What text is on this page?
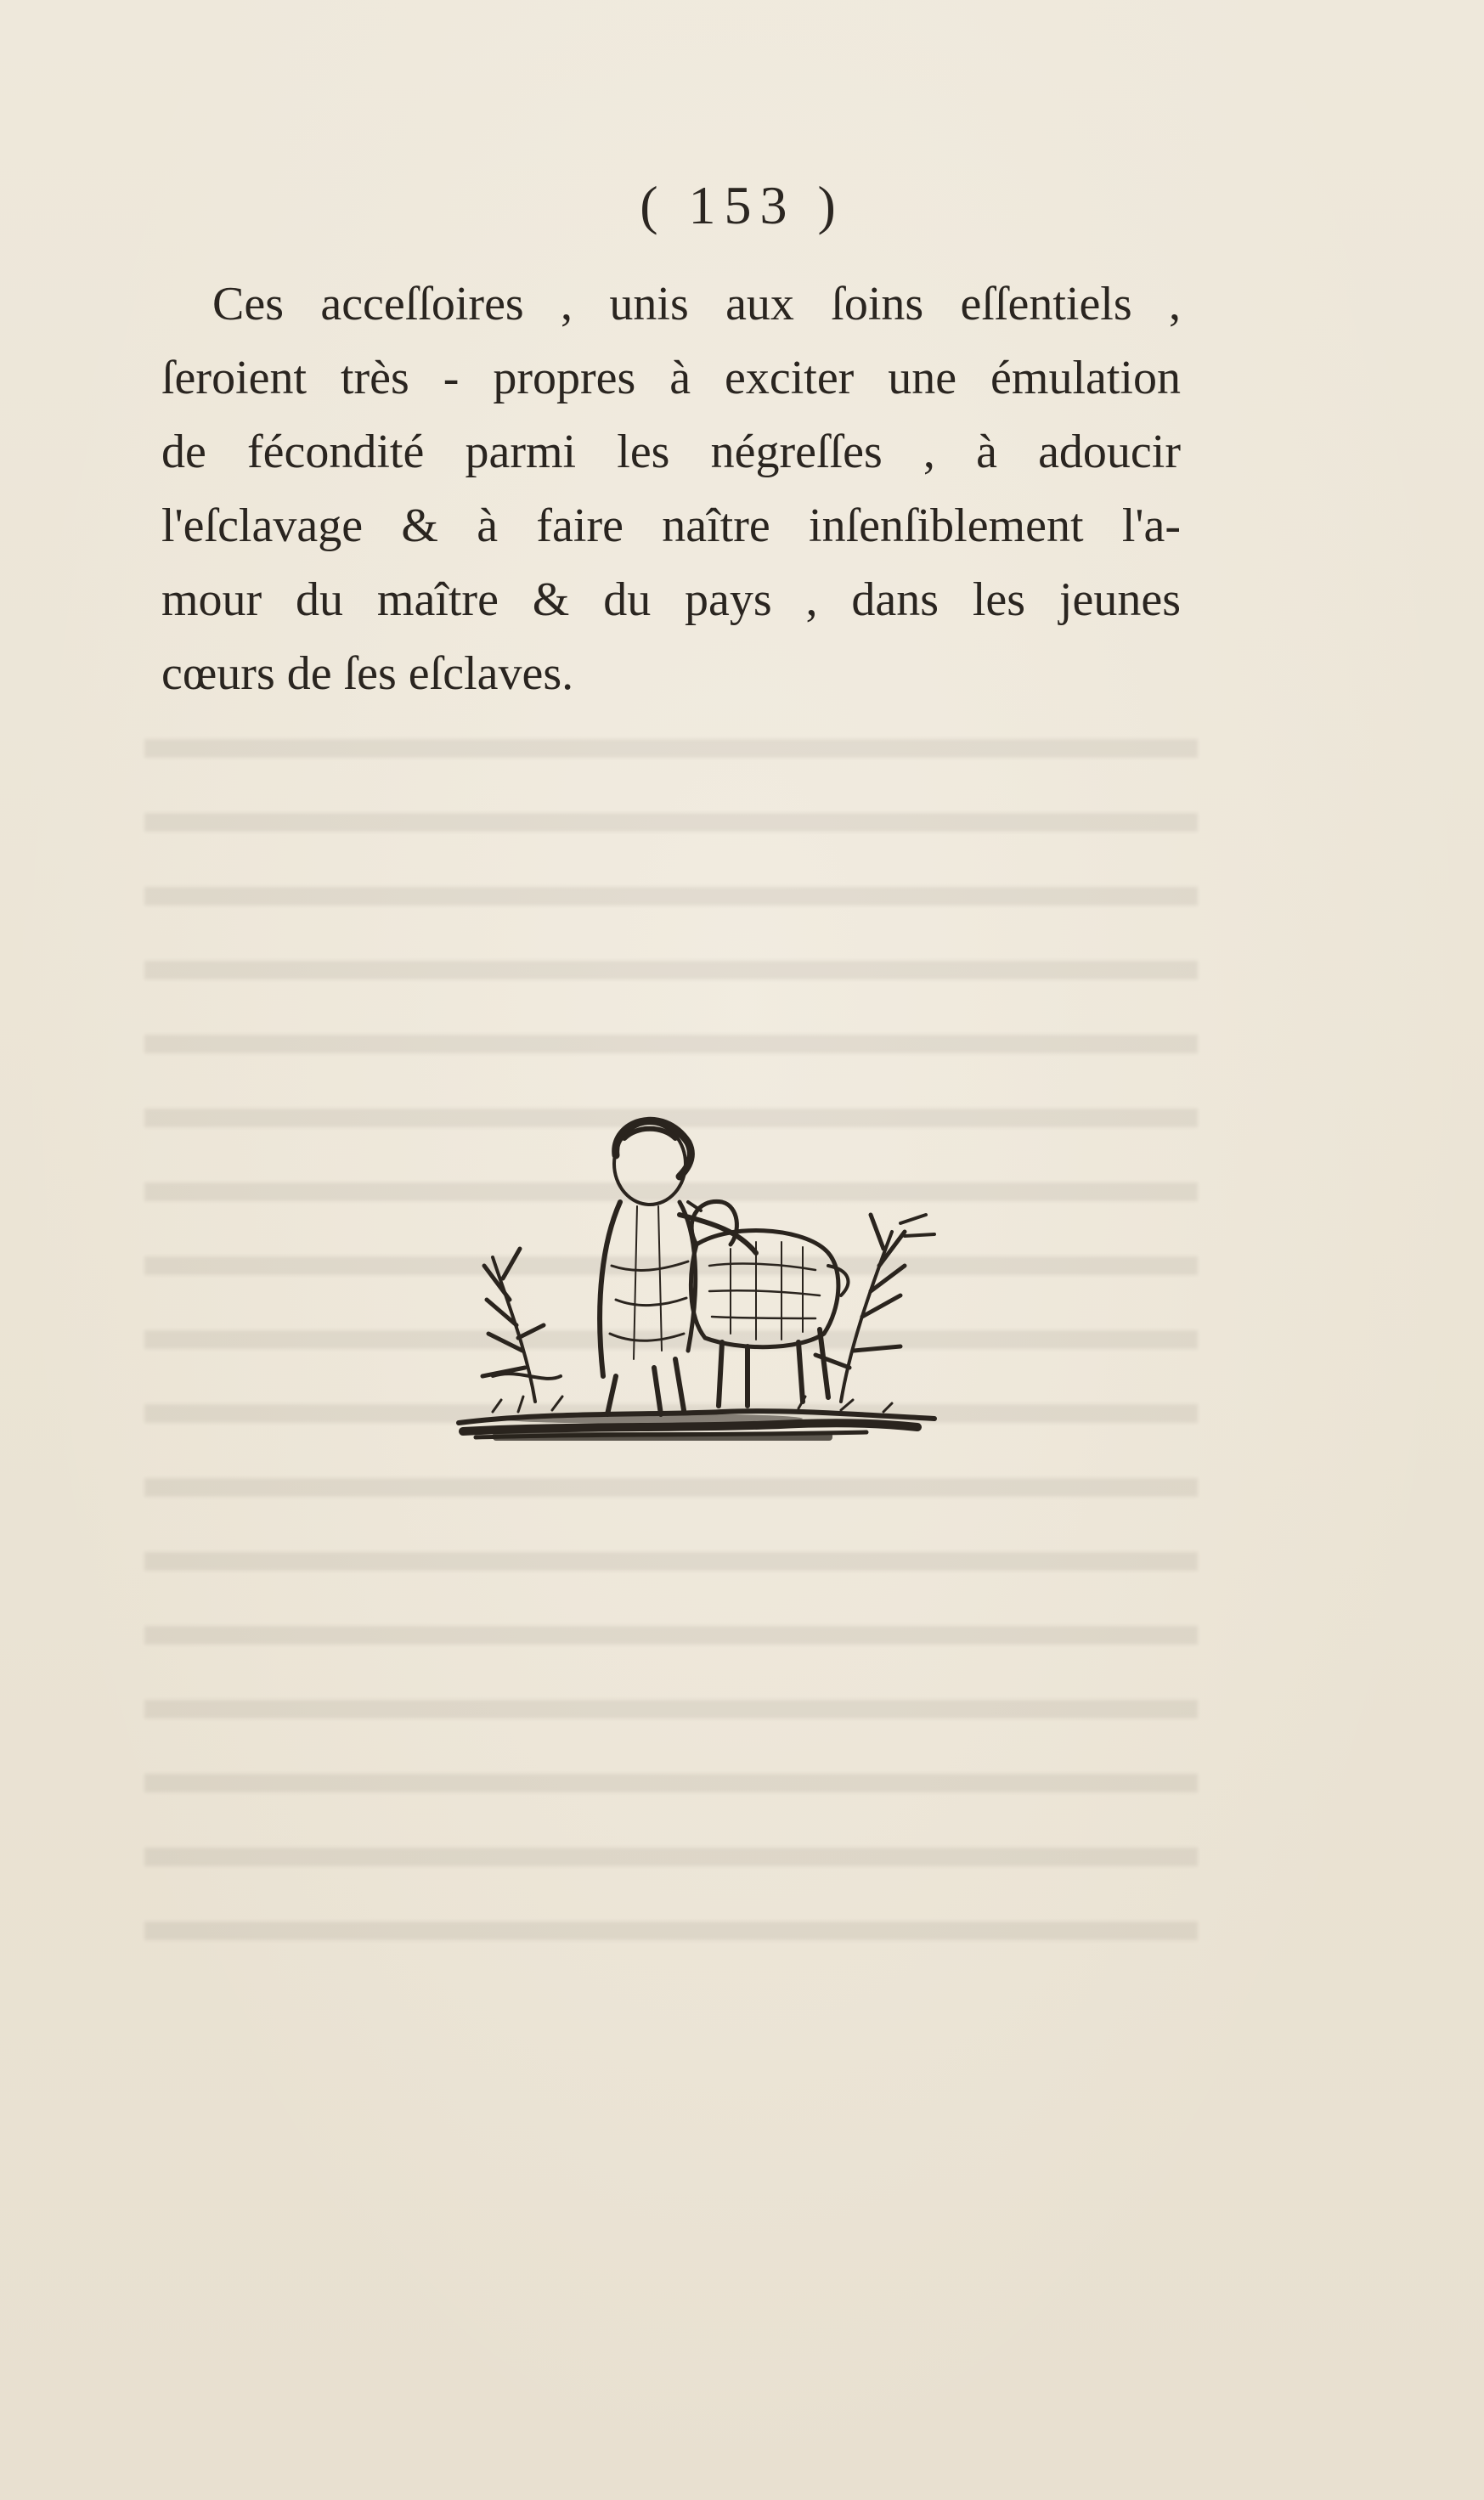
( 153 )
Ces acceſſoires , unis aux ſoins eſſentiels ,
ſeroient très - propres à exciter une émulation
de fécondité parmi les négreſſes , à adoucir
l'eſclavage & à faire naître inſenſiblement l'a-
mour du maître & du pays , dans les jeunes
cœurs de ſes eſclaves.
